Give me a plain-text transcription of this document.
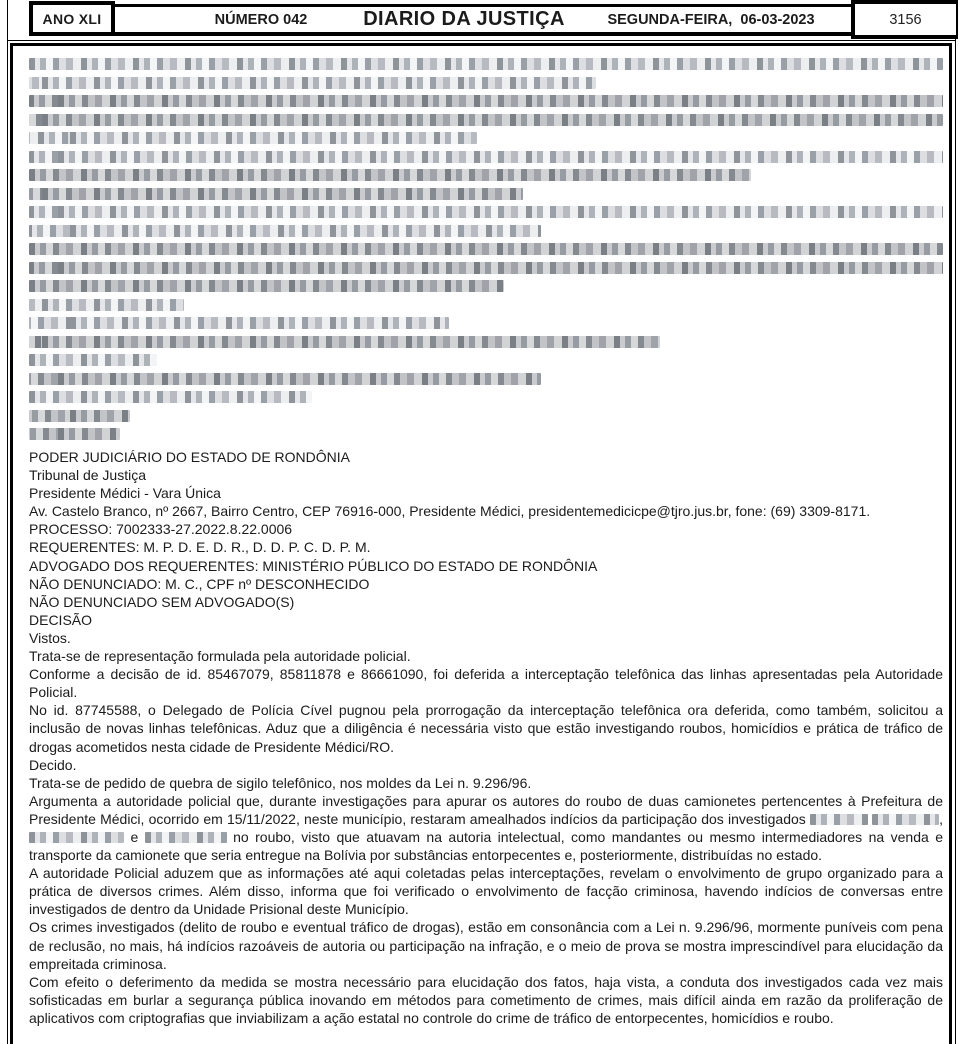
ANO XLI	NÚMERO 042	DIARIO DA JUSTIÇA	SEGUNDA-FEIRA,  06-03-2023	3156
PODER JUDICIÁRIO DO ESTADO DE RONDÔNIA
Tribunal de Justiça
Presidente Médici - Vara Única
Av. Castelo Branco, nº 2667, Bairro Centro, CEP 76916-000, Presidente Médici, presidentemedicicpe@tjro.jus.br, fone: (69) 3309-8171.
PROCESSO: 7002333-27.2022.8.22.0006
REQUERENTES: M. P. D. E. D. R., D. D. P. C. D. P. M.
ADVOGADO DOS REQUERENTES: MINISTÉRIO PÚBLICO DO ESTADO DE RONDÔNIA
NÃO DENUNCIADO: M. C., CPF nº DESCONHECIDO
NÃO DENUNCIADO SEM ADVOGADO(S)
DECISÃO
Vistos.
Trata-se de representação formulada pela autoridade policial.
Conforme a decisão de id. 85467079, 85811878 e 86661090, foi deferida a interceptação telefônica das linhas apresentadas pela Autoridade Policial.
No id. 87745588, o Delegado de Polícia Cível pugnou pela prorrogação da interceptação telefônica ora deferida, como também, solicitou a inclusão de novas linhas telefônicas. Aduz que a diligência é necessária visto que estão investigando roubos, homicídios e prática de tráfico de drogas acometidos nesta cidade de Presidente Médici/RO.
Decido.
Trata-se de pedido de quebra de sigilo telefônico, nos moldes da Lei n. 9.296/96.
Argumenta a autoridade policial que, durante investigações para apurar os autores do roubo de duas camionetes pertencentes à Prefeitura de Presidente Médici, ocorrido em 15/11/2022, neste município, restaram amealhados indícios da participação dos investigados	,  e	no roubo, visto que atuavam na autoria intelectual, como mandantes ou mesmo intermediadores na venda e transporte da camionete que seria entregue na Bolívia por substâncias entorpecentes e, posteriormente, distribuídas no estado.
A autoridade Policial aduzem que as informações até aqui coletadas pelas interceptações, revelam o envolvimento de grupo organizado para a prática de diversos crimes. Além disso, informa que foi verificado o envolvimento de facção criminosa, havendo indícios de conversas entre investigados de dentro da Unidade Prisional deste Município.
Os crimes investigados (delito de roubo e eventual tráfico de drogas), estão em consonância com a Lei n. 9.296/96, mormente puníveis com pena de reclusão, no mais, há indícios razoáveis de autoria ou participação na infração, e o meio de prova se mostra imprescindível para elucidação da empreitada criminosa.
Com efeito o deferimento da medida se mostra necessário para elucidação dos fatos, haja vista, a conduta dos investigados cada vez mais sofisticadas em burlar a segurança pública inovando em métodos para cometimento de crimes, mais difícil ainda em razão da proliferação de aplicativos com criptografias que inviabilizam a ação estatal no controle do crime de tráfico de entorpecentes, homicídios e roubo.
